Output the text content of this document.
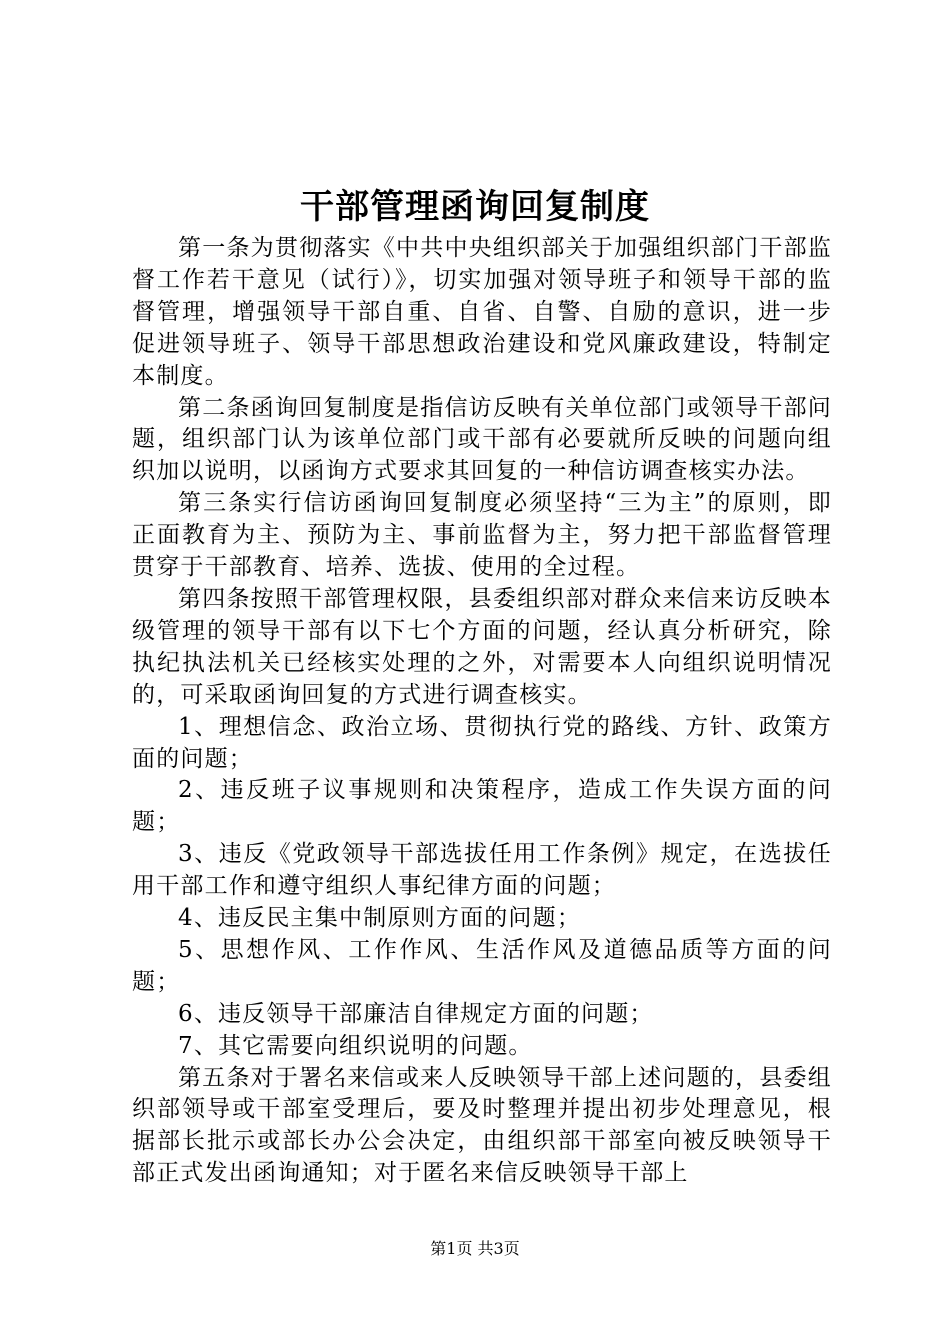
干部管理函询回复制度

第一条为贯彻落实《中共中央组织部关于加强组织部门干部监督工作若干意见（试行）》，切实加强对领导班子和领导干部的监督管理，增强领导干部自重、自省、自警、自励的意识，进一步促进领导班子、领导干部思想政治建设和党风廉政建设，特制定本制度。

第二条函询回复制度是指信访反映有关单位部门或领导干部问题，组织部门认为该单位部门或干部有必要就所反映的问题向组织加以说明，以函询方式要求其回复的一种信访调查核实办法。

第三条实行信访函询回复制度必须坚持“三为主”的原则，即正面教育为主、预防为主、事前监督为主，努力把干部监督管理贯穿于干部教育、培养、选拔、使用的全过程。

第四条按照干部管理权限，县委组织部对群众来信来访反映本级管理的领导干部有以下七个方面的问题，经认真分析研究，除执纪执法机关已经核实处理的之外，对需要本人向组织说明情况的，可采取函询回复的方式进行调查核实。

1、理想信念、政治立场、贯彻执行党的路线、方针、政策方面的问题；

2、违反班子议事规则和决策程序，造成工作失误方面的问题；

3、违反《党政领导干部选拔任用工作条例》规定，在选拔任用干部工作和遵守组织人事纪律方面的问题；

4、违反民主集中制原则方面的问题；

5、思想作风、工作作风、生活作风及道德品质等方面的问题；

6、违反领导干部廉洁自律规定方面的问题；

7、其它需要向组织说明的问题。

第五条对于署名来信或来人反映领导干部上述问题的，县委组织部领导或干部室受理后，要及时整理并提出初步处理意见，根据部长批示或部长办公会决定，由组织部干部室向被反映领导干部正式发出函询通知；对于匿名来信反映领导干部上

第1页 共3页
